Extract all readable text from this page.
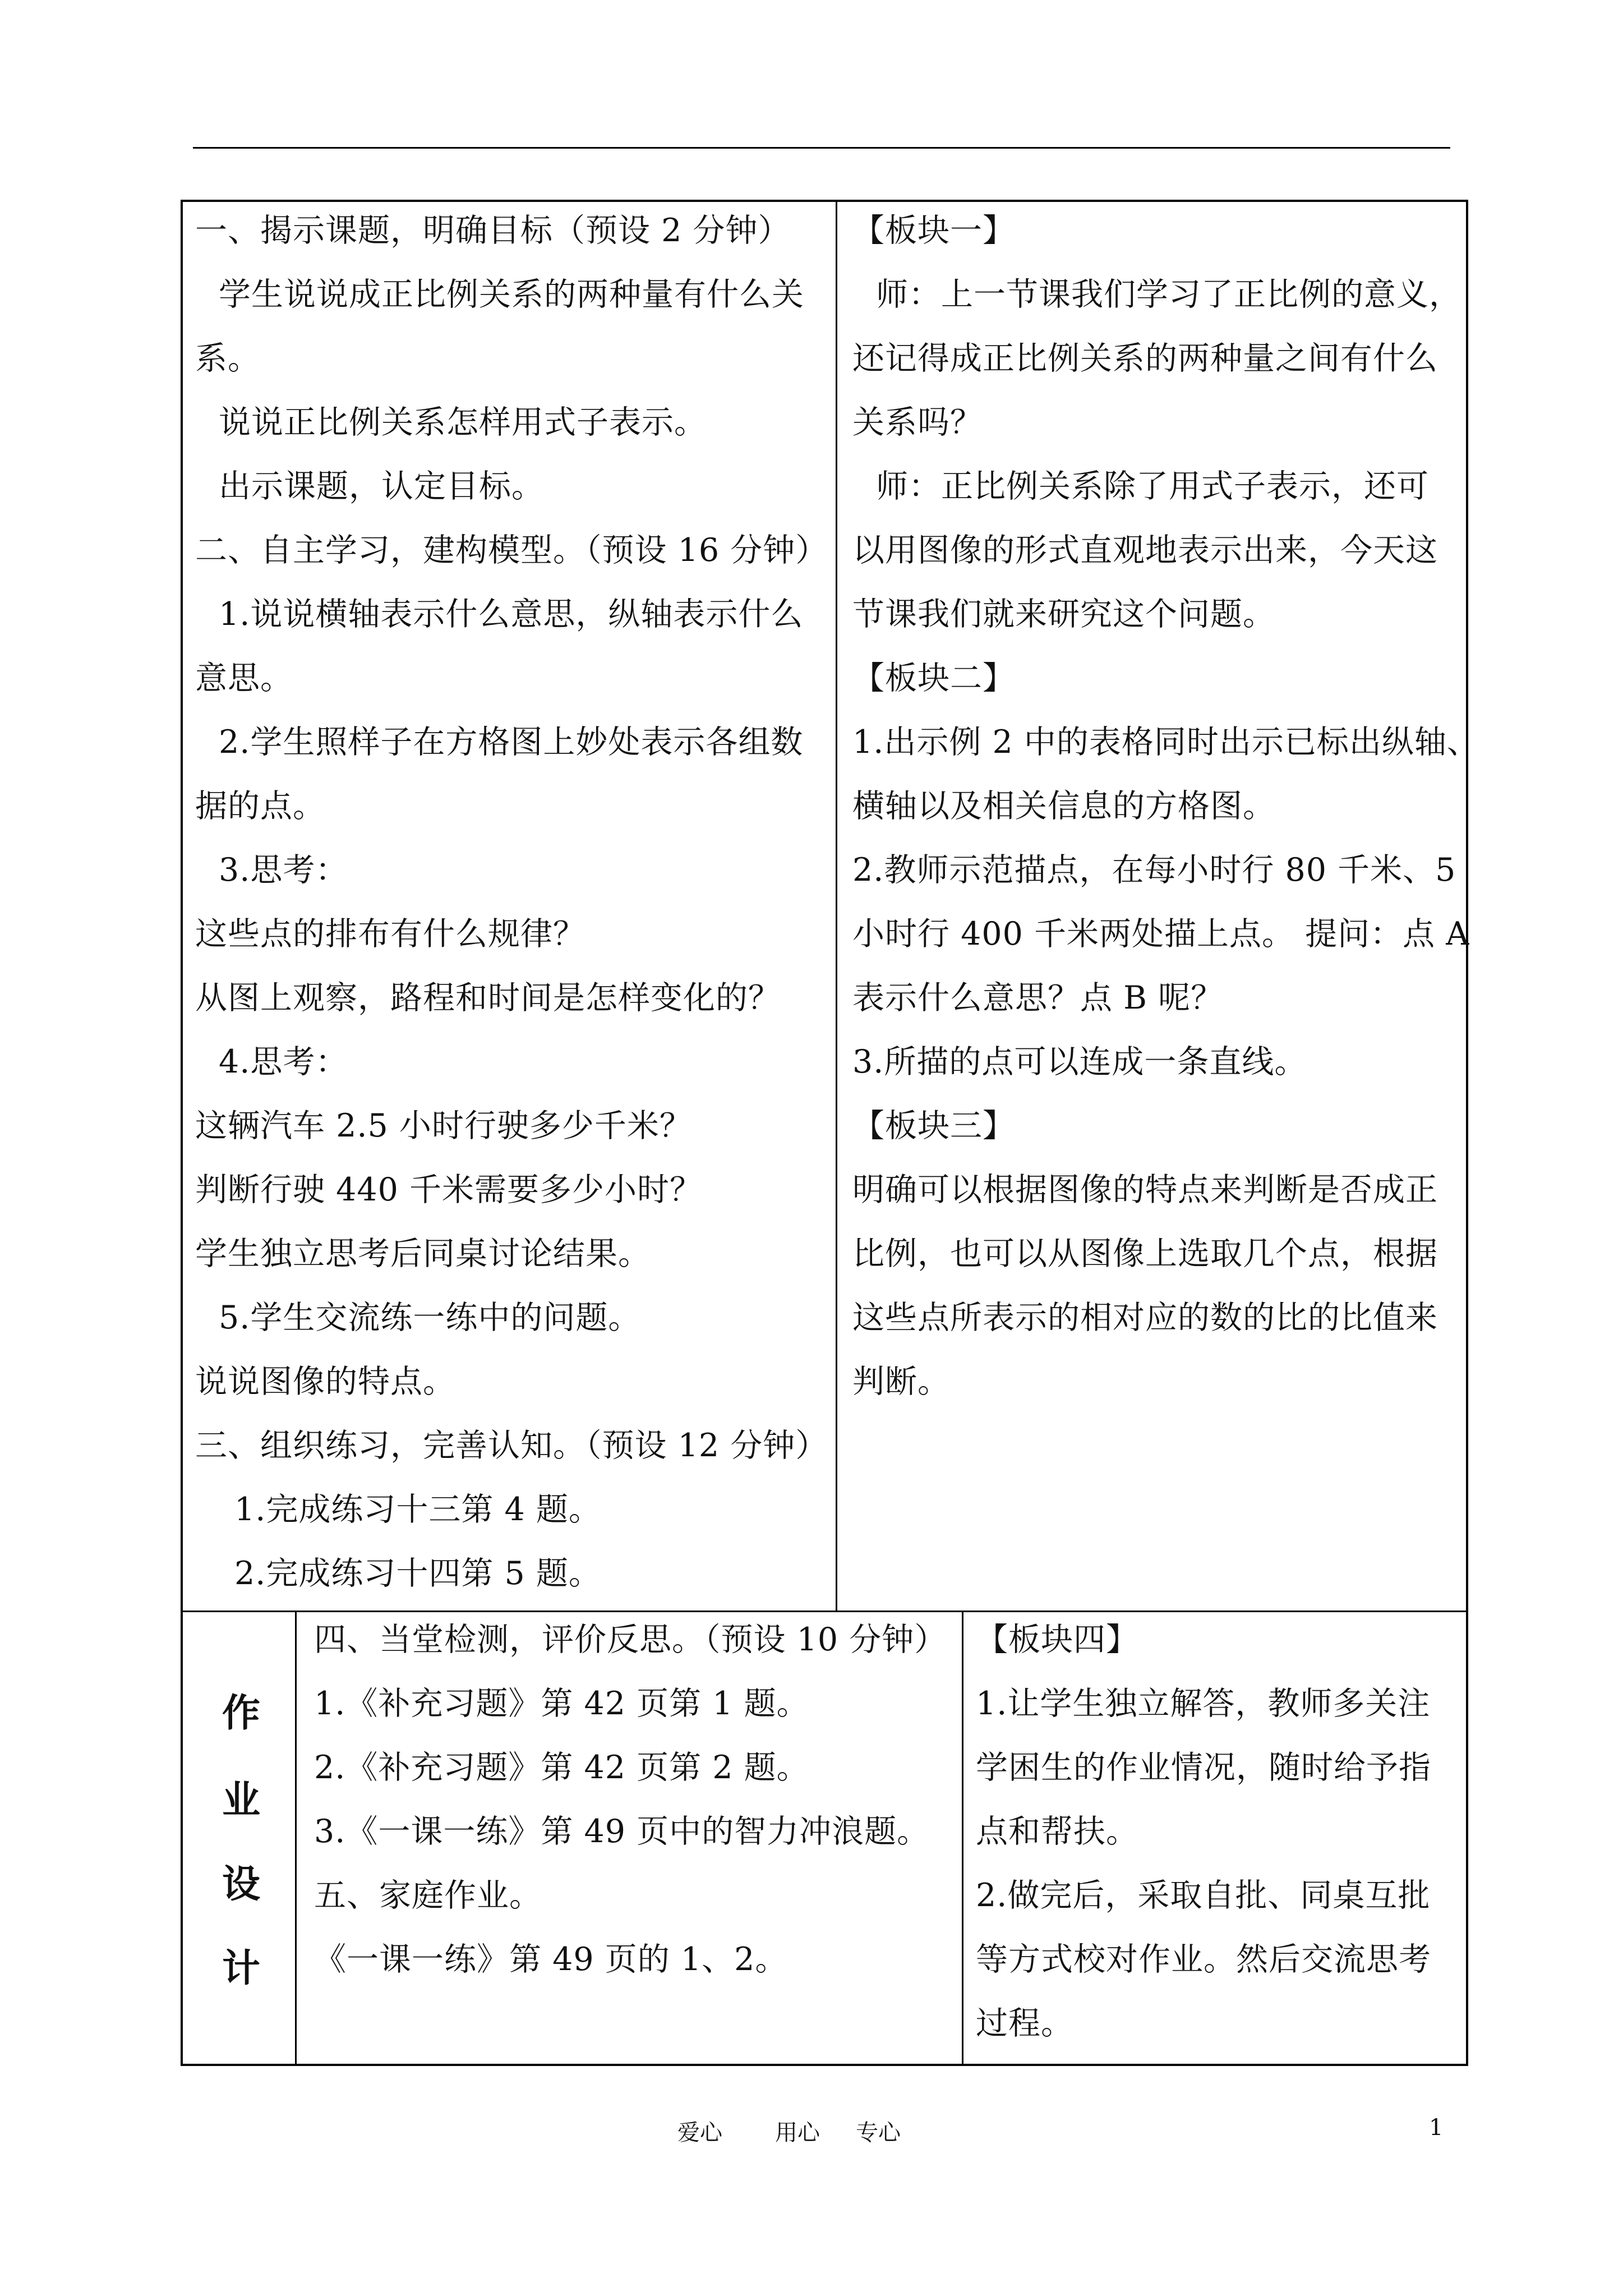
一、揭示课题，明确目标（预设 2 分钟）
学生说说成正比例关系的两种量有什么关
系。
说说正比例关系怎样用式子表示。
出示课题，认定目标。
二、自主学习，建构模型。（预设 16 分钟）
1.说说横轴表示什么意思，纵轴表示什么
意思。
2.学生照样子在方格图上妙处表示各组数
据的点。
3.思考：
这些点的排布有什么规律？
从图上观察，路程和时间是怎样变化的？
4.思考：
这辆汽车 2.5 小时行驶多少千米？
判断行驶 440 千米需要多少小时？
学生独立思考后同桌讨论结果。
5.学生交流练一练中的问题。
说说图像的特点。
三、组织练习，完善认知。（预设 12 分钟）
1.完成练习十三第 4 题。
2.完成练习十四第 5 题。
【板块一】
师：上一节课我们学习了正比例的意义，
还记得成正比例关系的两种量之间有什么
关系吗？
师：正比例关系除了用式子表示，还可
以用图像的形式直观地表示出来，今天这
节课我们就来研究这个问题。
【板块二】
1.出示例 2 中的表格同时出示已标出纵轴、
横轴以及相关信息的方格图。
2.教师示范描点，在每小时行 80 千米、5
小时行 400 千米两处描上点。 提问：点 A
表示什么意思？点 B 呢？
3.所描的点可以连成一条直线。
【板块三】
明确可以根据图像的特点来判断是否成正
比例，也可以从图像上选取几个点，根据
这些点所表示的相对应的数的比的比值来
判断。
作
业
设
计
四、当堂检测，评价反思。（预设 10 分钟）
1.《补充习题》第 42 页第 1 题。
2.《补充习题》第 42 页第 2 题。
3.《一课一练》第 49 页中的智力冲浪题。
五、家庭作业。
《一课一练》第 49 页的 1、2。
【板块四】
1.让学生独立解答，教师多关注
学困生的作业情况，随时给予指
点和帮扶。
2.做完后，采取自批、同桌互批
等方式校对作业。然后交流思考
过程。
爱心 用心 专心	1
